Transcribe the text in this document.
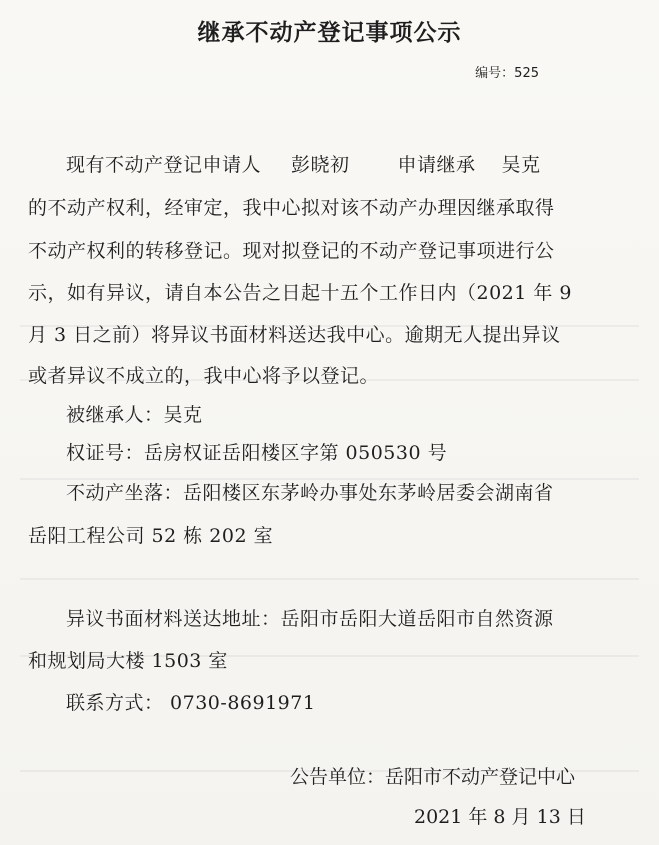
继承不动产登记事项公示
编号：525
现有不动产登记申请人 彭晓初	申请继承 吴克
的不动产权利，经审定，我中心拟对该不动产办理因继承取得
不动产权利的转移登记。现对拟登记的不动产登记事项进行公
示，如有异议，请自本公告之日起十五个工作日内（2021 年 9
月 3 日之前）将异议书面材料送达我中心。逾期无人提出异议
或者异议不成立的，我中心将予以登记。
被继承人：吴克
权证号：岳房权证岳阳楼区字第 050530 号
不动产坐落：岳阳楼区东茅岭办事处东茅岭居委会湖南省
岳阳工程公司 52 栋 202 室
异议书面材料送达地址：岳阳市岳阳大道岳阳市自然资源
和规划局大楼 1503 室
联系方式： 0730-8691971
公告单位：岳阳市不动产登记中心
2021 年 8 月 13 日
